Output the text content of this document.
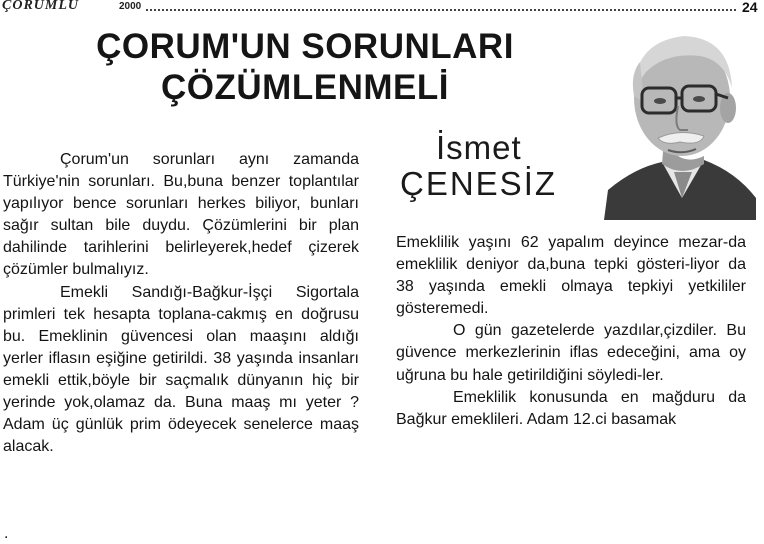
ÇORUMLU	2000	24
ÇORUM'UN SORUNLARI
ÇÖZÜMLENMELİ
İsmet
ÇENESİZ

Çorum'un sorunları aynı zamanda Türkiye'nin sorunları. Bu,buna benzer toplantılar yapılıyor bence sorunları herkes biliyor, bunları sağır sultan bile duydu. Çözümlerini bir plan dahilinde tarihlerini belirleyerek,hedef çizerek çözümler bulmalıyız.

Emekli Sandığı-Bağkur-İşçi Sigortala primleri tek hesapta toplana-cakmış en doğrusu bu. Emeklinin güvencesi olan maaşını aldığı yerler iflasın eşiğine getirildi. 38 yaşında insanları emekli ettik,böyle bir saçmalık dünyanın hiç bir yerinde yok,olamaz da. Buna maaş mı yeter ? Adam üç günlük prim ödeyecek senelerce maaş alacak.

Emeklilik yaşını 62 yapalım deyince mezar-da emeklilik deniyor da,buna tepki gösteri-liyor da 38 yaşında emekli olmaya tepkiyi yetkililer gösteremedi.

O gün gazetelerde yazdılar,çizdiler. Bu güvence merkezlerinin iflas edeceğini, ama oy uğruna bu hale getirildiğini söyledi-ler.

Emeklilik konusunda en mağduru da Bağkur emeklileri. Adam 12.ci basamak

.
